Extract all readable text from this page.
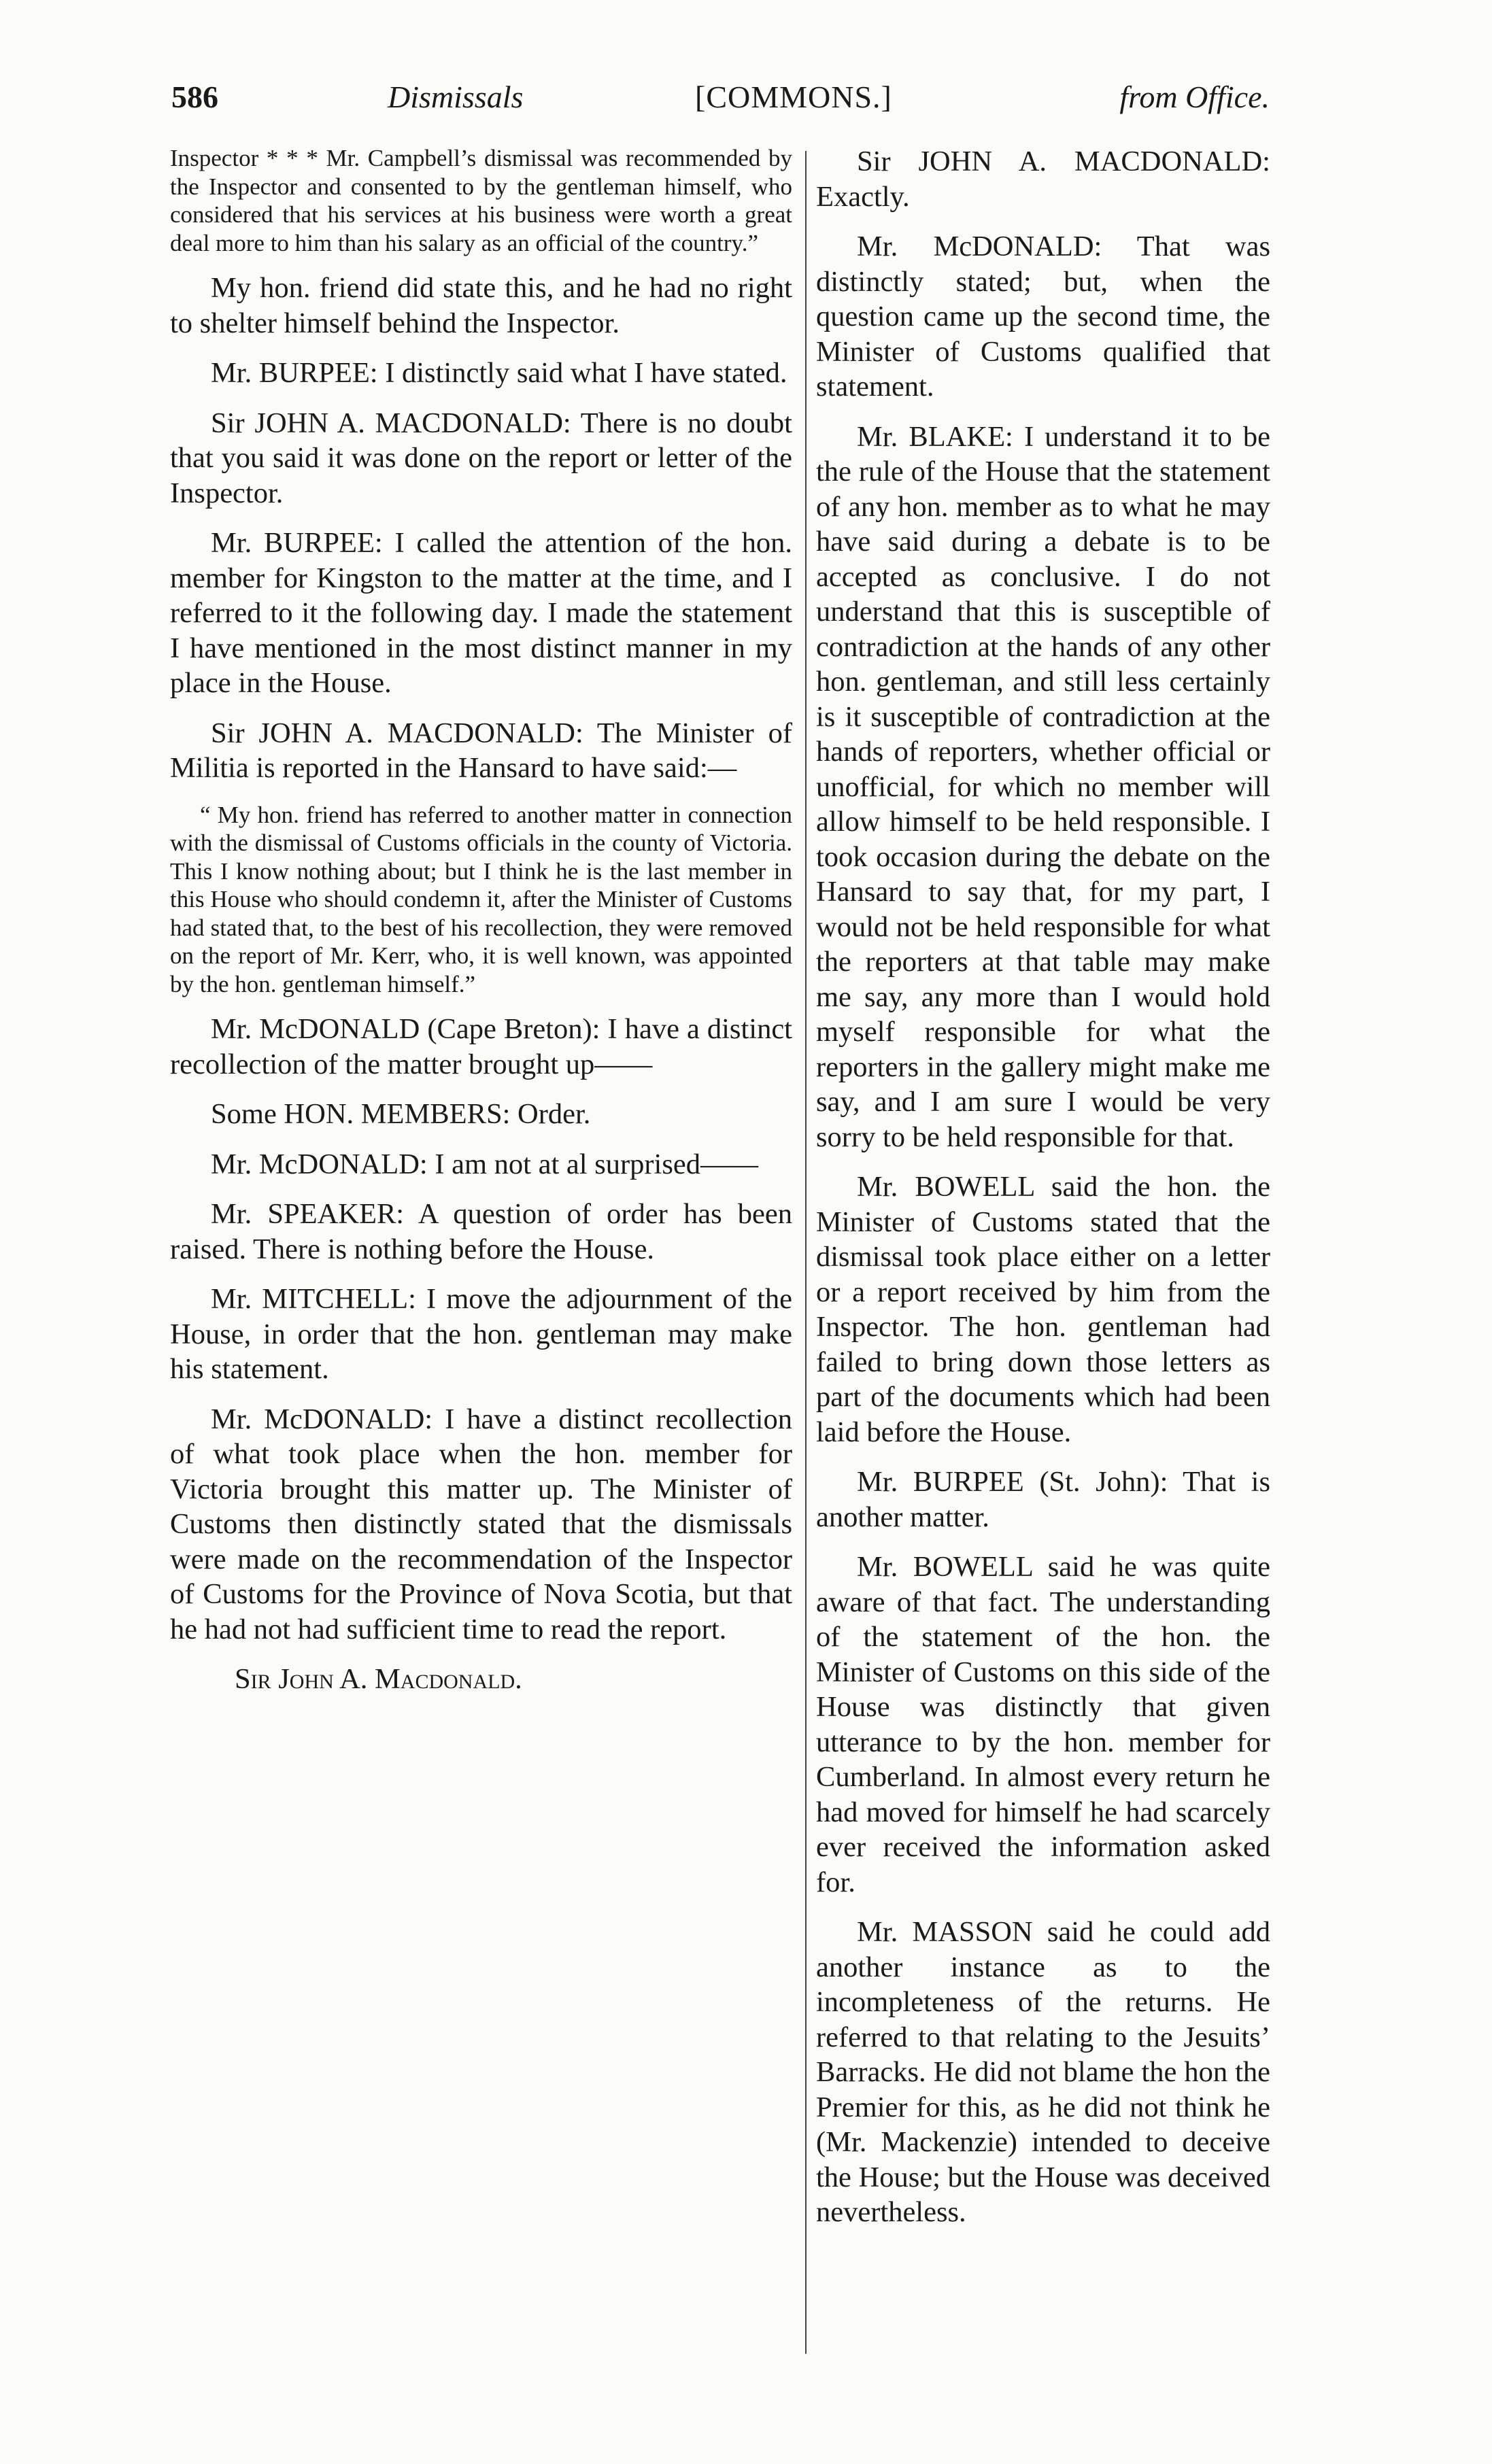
586	Dismissals	[COMMONS.]	from Office.

Inspector * * * Mr. Campbell’s dismissal was recommended by the Inspector and consented to by the gentleman himself, who considered that his services at his business were worth a great deal more to him than his salary as an official of the country.”

My hon. friend did state this, and he had no right to shelter himself behind the Inspector.

Mr. BURPEE: I distinctly said what I have stated.

Sir JOHN A. MACDONALD: There is no doubt that you said it was done on the report or letter of the Inspector.

Mr. BURPEE: I called the attention of the hon. member for Kingston to the matter at the time, and I referred to it the following day. I made the statement I have mentioned in the most distinct manner in my place in the House.

Sir JOHN A. MACDONALD: The Minister of Militia is reported in the Hansard to have said:—

“ My hon. friend has referred to another matter in connection with the dismissal of Customs officials in the county of Victoria. This I know nothing about; but I think he is the last member in this House who should condemn it, after the Minister of Customs had stated that, to the best of his recollection, they were removed on the report of Mr. Kerr, who, it is well known, was appointed by the hon. gentleman himself.”

Mr. McDONALD (Cape Breton): I have a distinct recollection of the matter brought up——

Some HON. MEMBERS: Order.

Mr. McDONALD: I am not at al surprised——

Mr. SPEAKER: A question of order has been raised. There is nothing before the House.

Mr. MITCHELL: I move the adjournment of the House, in order that the hon. gentleman may make his statement.

Mr. McDONALD: I have a distinct recollection of what took place when the hon. member for Victoria brought this matter up. The Minister of Customs then distinctly stated that the dismissals were made on the recommendation of the Inspector of Customs for the Province of Nova Scotia, but that he had not had sufficient time to read the report.

Sir John A. Macdonald.

Sir JOHN A. MACDONALD: Exactly.

Mr. McDONALD: That was distinctly stated; but, when the question came up the second time, the Minister of Customs qualified that statement.

Mr. BLAKE: I understand it to be the rule of the House that the statement of any hon. member as to what he may have said during a debate is to be accepted as conclusive. I do not understand that this is susceptible of contradiction at the hands of any other hon. gentleman, and still less certainly is it susceptible of contradiction at the hands of reporters, whether official or unofficial, for which no member will allow himself to be held responsible. I took occasion during the debate on the Hansard to say that, for my part, I would not be held responsible for what the reporters at that table may make me say, any more than I would hold myself responsible for what the reporters in the gallery might make me say, and I am sure I would be very sorry to be held responsible for that.

Mr. BOWELL said the hon. the Minister of Customs stated that the dismissal took place either on a letter or a report received by him from the Inspector. The hon. gentleman had failed to bring down those letters as part of the documents which had been laid before the House.

Mr. BURPEE (St. John): That is another matter.

Mr. BOWELL said he was quite aware of that fact. The understanding of the statement of the hon. the Minister of Customs on this side of the House was distinctly that given utterance to by the hon. member for Cumberland. In almost every return he had moved for himself he had scarcely ever received the information asked for.

Mr. MASSON said he could add another instance as to the incompleteness of the returns. He referred to that relating to the Jesuits’ Barracks. He did not blame the hon the Premier for this, as he did not think he (Mr. Mackenzie) intended to deceive the House; but the House was deceived nevertheless.
